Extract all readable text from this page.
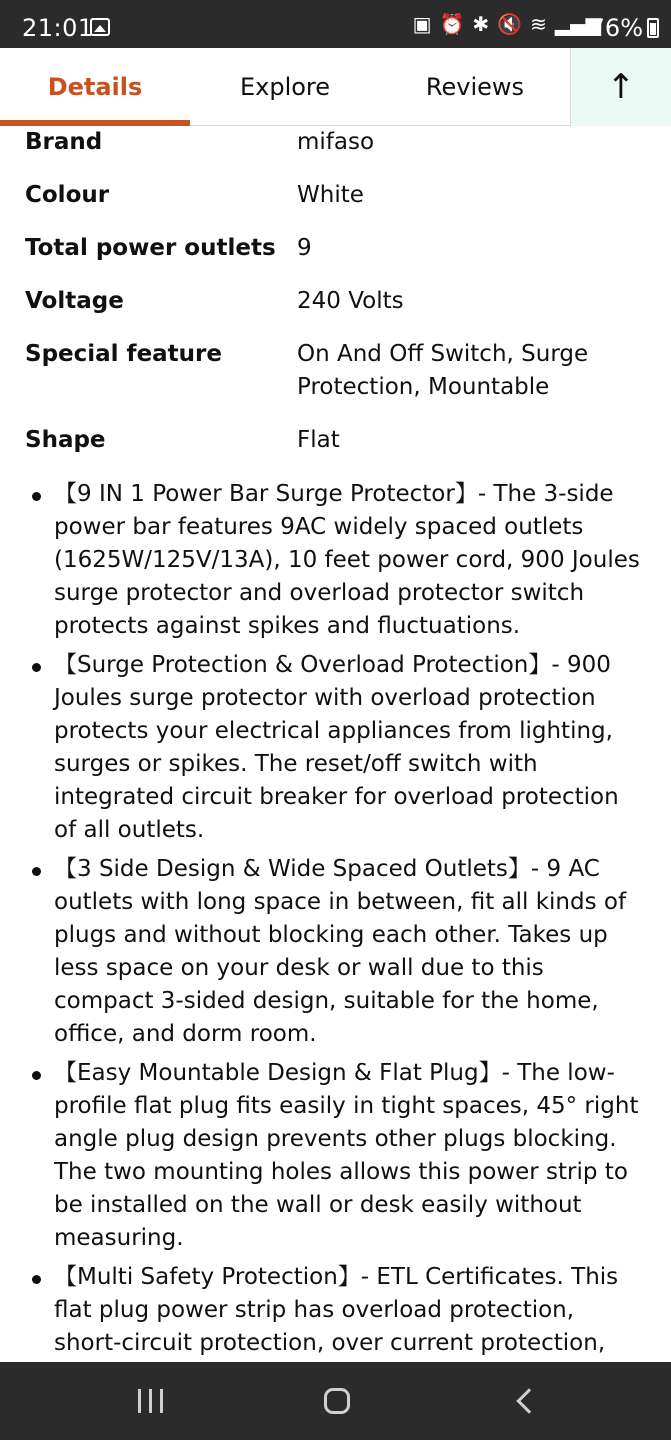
21:01	▣ ⏰ ✱ 🔇 ≋ ▂▄▆
76%
Details	Explore	Reviews ↑
Brand	mifaso
Colour	White
Total power outlets 9
Voltage	240 Volts
Special feature	On And Off Switch, Surge Protection, Mountable
Shape	Flat
【9 IN 1 Power Bar Surge Protector】- The 3-side power bar features 9AC widely spaced outlets (1625W/125V/13A), 10 feet power cord, 900 Joules surge protector and overload protector switch protects against spikes and fluctuations.
【Surge Protection & Overload Protection】- 900 Joules surge protector with overload protection protects your electrical appliances from lighting, surges or spikes. The reset/off switch with integrated circuit breaker for overload protection of all outlets.
【3 Side Design & Wide Spaced Outlets】- 9 AC outlets with long space in between, fit all kinds of plugs and without blocking each other. Takes up less space on your desk or wall due to this compact 3-sided design, suitable for the home, office, and dorm room.
【Easy Mountable Design & Flat Plug】- The low-profile flat plug fits easily in tight spaces, 45° right angle plug design prevents other plugs blocking. The two mounting holes allows this power strip to be installed on the wall or desk easily without measuring.
【Multi Safety Protection】- ETL Certificates. This flat plug power strip has overload protection, short-circuit protection, over current protection,
